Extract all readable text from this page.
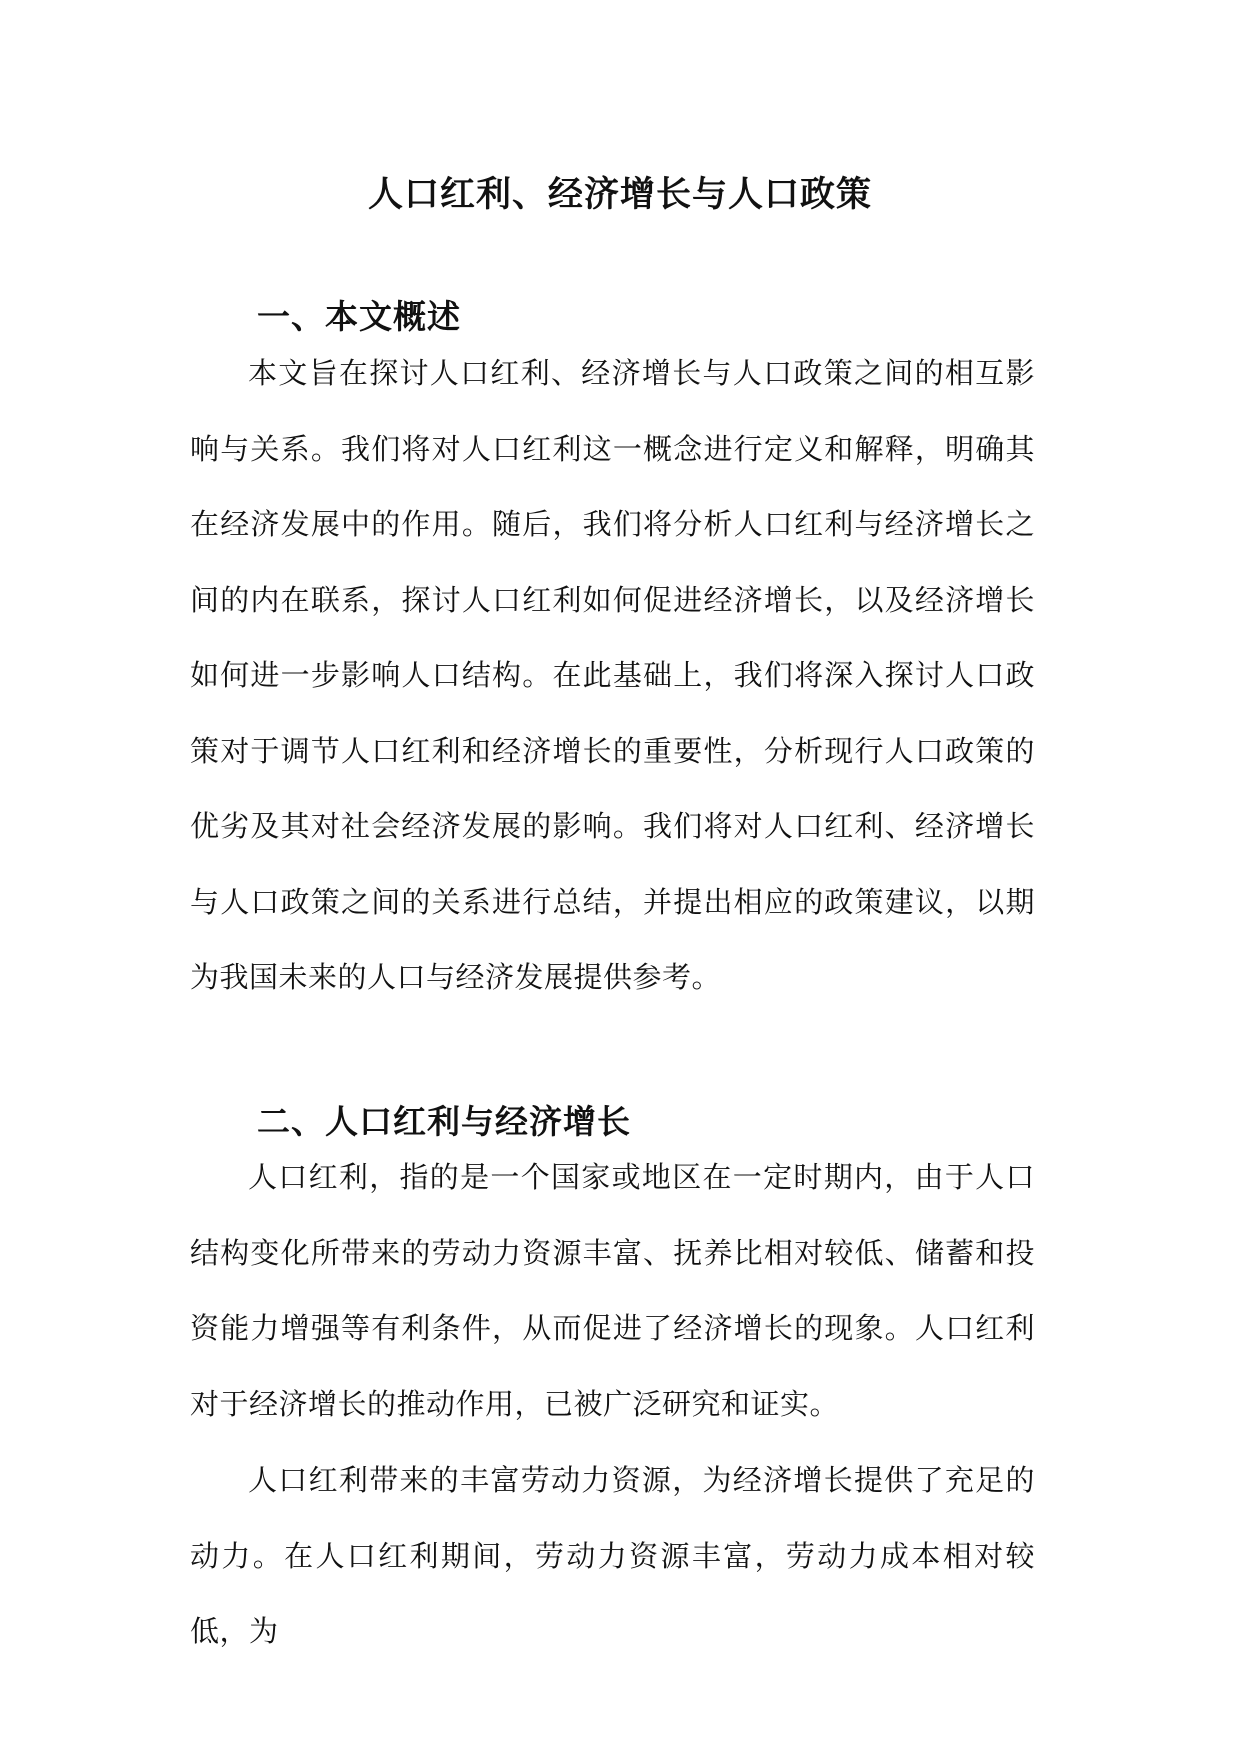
人口红利、经济增长与人口政策
一、本文概述

本文旨在探讨人口红利、经济增长与人口政策之间的相互影响与关系。我们将对人口红利这一概念进行定义和解释，明确其在经济发展中的作用。随后，我们将分析人口红利与经济增长之间的内在联系，探讨人口红利如何促进经济增长，以及经济增长如何进一步影响人口结构。在此基础上，我们将深入探讨人口政策对于调节人口红利和经济增长的重要性，分析现行人口政策的优劣及其对社会经济发展的影响。我们将对人口红利、经济增长与人口政策之间的关系进行总结，并提出相应的政策建议，以期为我国未来的人口与经济发展提供参考。

二、人口红利与经济增长

人口红利，指的是一个国家或地区在一定时期内，由于人口结构变化所带来的劳动力资源丰富、抚养比相对较低、储蓄和投资能力增强等有利条件，从而促进了经济增长的现象。人口红利对于经济增长的推动作用，已被广泛研究和证实。

人口红利带来的丰富劳动力资源，为经济增长提供了充足的动力。在人口红利期间，劳动力资源丰富，劳动力成本相对较低，为
